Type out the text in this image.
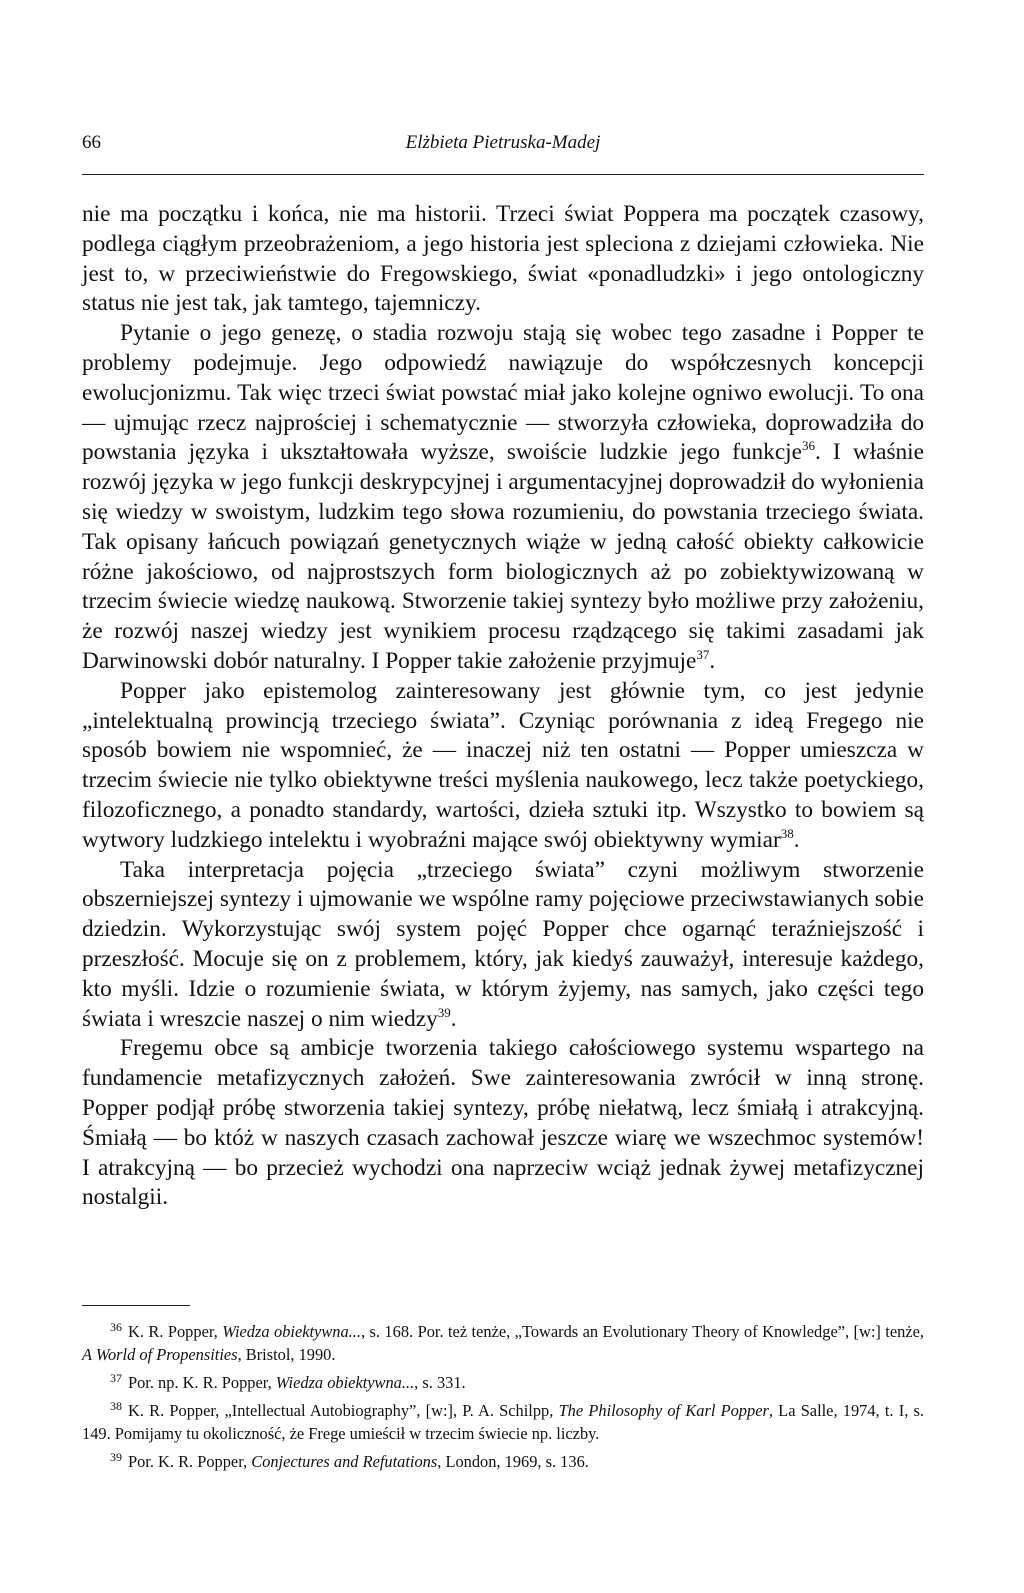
66	Elżbieta Pietruska-Madej

nie ma początku i końca, nie ma historii. Trzeci świat Poppera ma początek czasowy, podlega ciągłym przeobrażeniom, a jego historia jest spleciona z dziejami człowieka. Nie jest to, w przeciwieństwie do Fregowskiego, świat «ponadludzki» i jego ontologiczny status nie jest tak, jak tamtego, tajemniczy.

Pytanie o jego genezę, o stadia rozwoju stają się wobec tego zasadne i Popper te problemy podejmuje. Jego odpowiedź nawiązuje do współczesnych koncepcji ewolucjonizmu. Tak więc trzeci świat powstać miał jako kolejne ogniwo ewolucji. To ona — ujmując rzecz najprościej i schematycznie — stworzyła człowieka, doprowadziła do powstania języka i ukształtowała wyższe, swoiście ludzkie jego funkcje$^{36}$. I właśnie rozwój języka w jego funkcji deskrypcyjnej i argumentacyjnej doprowadził do wyłonienia się wiedzy w swoistym, ludzkim tego słowa rozumieniu, do powstania trzeciego świata. Tak opisany łańcuch powiązań genetycznych wiąże w jedną całość obiekty całkowicie różne jakościowo, od najprostszych form biologicznych aż po zobiektywizowaną w trzecim świecie wiedzę naukową. Stworzenie takiej syntezy było możliwe przy założeniu, że rozwój naszej wiedzy jest wynikiem procesu rządzącego się takimi zasadami jak Darwinowski dobór naturalny. I Popper takie założenie przyjmuje$^{37}$.

Popper jako epistemolog zainteresowany jest głównie tym, co jest jedynie „intelektualną prowincją trzeciego świata”. Czyniąc porównania z ideą Fregego nie sposób bowiem nie wspomnieć, że — inaczej niż ten ostatni — Popper umieszcza w trzecim świecie nie tylko obiektywne treści myślenia naukowego, lecz także poetyckiego, filozoficznego, a ponadto standardy, wartości, dzieła sztuki itp. Wszystko to bowiem są wytwory ludzkiego intelektu i wyobraźni mające swój obiektywny wymiar$^{38}$.

Taka interpretacja pojęcia „trzeciego świata” czyni możliwym stworzenie obszerniejszej syntezy i ujmowanie we wspólne ramy pojęciowe przeciwstawianych sobie dziedzin. Wykorzystując swój system pojęć Popper chce ogarnąć teraźniejszość i przeszłość. Mocuje się on z problemem, który, jak kiedyś zauważył, interesuje każdego, kto myśli. Idzie o rozumienie świata, w którym żyjemy, nas samych, jako części tego świata i wreszcie naszej o nim wiedzy$^{39}$.

Fregemu obce są ambicje tworzenia takiego całościowego systemu wspartego na fundamencie metafizycznych założeń. Swe zainteresowania zwrócił w inną stronę. Popper podjął próbę stworzenia takiej syntezy, próbę niełatwą, lecz śmiałą i atrakcyjną. Śmiałą — bo któż w naszych czasach zachował jeszcze wiarę we wszechmoc systemów! I atrakcyjną — bo przecież wychodzi ona naprzeciw wciąż jednak żywej metafizycznej nostalgii.

$^{36}$ K. R. Popper, Wiedza obiektywna..., s. 168. Por. też tenże, „Towards an Evolutionary Theory of Knowledge”, [w:] tenże, A World of Propensities, Bristol, 1990.

$^{37}$ Por. np. K. R. Popper, Wiedza obiektywna..., s. 331.

$^{38}$ K. R. Popper, „Intellectual Autobiography”, [w:], P. A. Schilpp, The Philosophy of Karl Popper, La Salle, 1974, t. I, s. 149. Pomijamy tu okoliczność, że Frege umieścił w trzecim świecie np. liczby.

$^{39}$ Por. K. R. Popper, Conjectures and Refutations, London, 1969, s. 136.
